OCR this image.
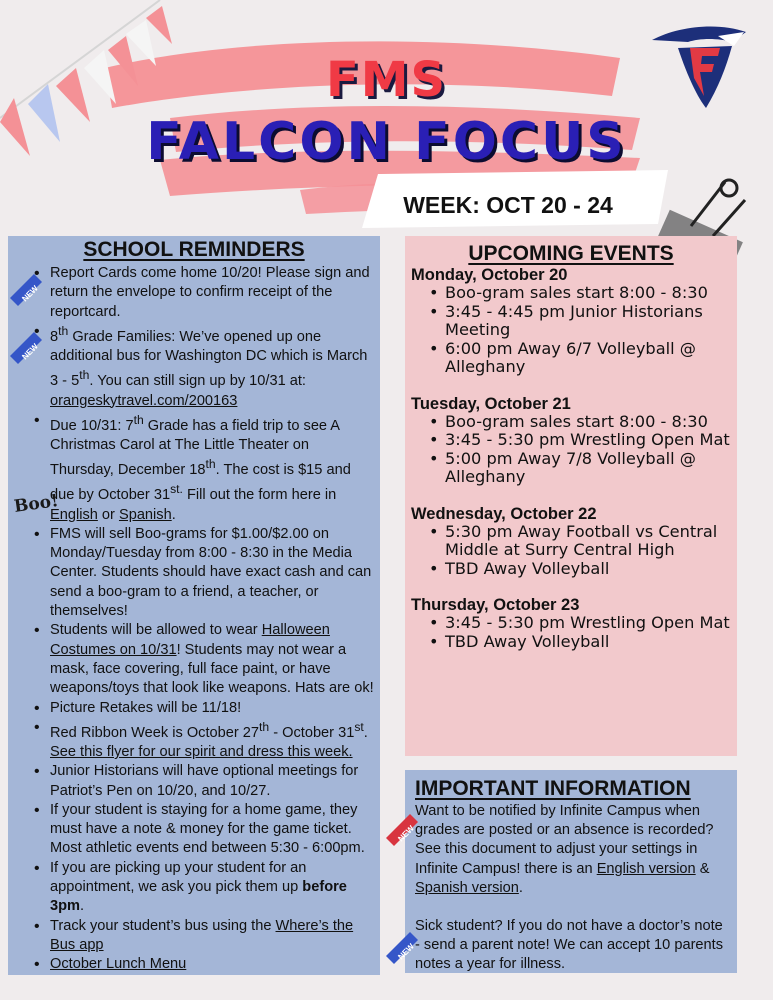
FMS
FALCON FOCUS
WEEK: OCT 20 - 24
SCHOOL REMINDERS
• Report Cards come home 10/20! Please sign and return the envelope to confirm receipt of the reportcard.
• 8th Grade Families: We’ve opened up one additional bus for Washington DC which is March 3 - 5th. You can still sign up by 10/31 at: orangeskytravel.com/200163
• Due 10/31: 7th Grade has a field trip to see A Christmas Carol at The Little Theater on Thursday, December 18th. The cost is $15 and due by October $31^{st.}$ Fill out the form here in English or Spanish.
• FMS will sell Boo-grams for $1.00/$2.00 on Monday/Tuesday from 8:00 - 8:30 in the Media Center. Students should have exact cash and can send a boo-gram to a friend, a teacher, or themselves!
• Students will be allowed to wear Halloween Costumes on 10/31! Students may not wear a mask, face covering, full face paint, or have weapons/toys that look like weapons. Hats are ok!
• Picture Retakes will be 11/18!
• Red Ribbon Week is October 27th - October 31st. See this flyer for our spirit and dress this week.
• Junior Historians will have optional meetings for Patriot’s Pen on 10/20, and 10/27.
• If your student is staying for a home game, they must have a note & money for the game ticket. Most athletic events end between 5:30 - 6:00pm.
• If you are picking up your student for an appointment, we ask you pick them up before 3pm.
• Track your student’s bus using the Where’s the Bus app
• October Lunch Menu
NEW
NEW
Boo!
UPCOMING EVENTS
Monday, October 20
• Boo-gram sales start 8:00 - 8:30
• 3:45 - 4:45 pm Junior Historians Meeting
• 6:00 pm Away 6/7 Volleyball @ Alleghany
Tuesday, October 21
• Boo-gram sales start 8:00 - 8:30
• 3:45 - 5:30 pm Wrestling Open Mat
• 5:00 pm Away 7/8 Volleyball @ Alleghany
Wednesday, October 22
• 5:30 pm Away Football vs Central Middle at Surry Central High
• TBD Away Volleyball
Thursday, October 23
• 3:45 - 5:30 pm Wrestling Open Mat
• TBD Away Volleyball
IMPORTANT INFORMATION

Want to be notified by Infinite Campus when grades are posted or an absence is recorded? See this document to adjust your settings in Infinite Campus! there is an English version & Spanish version.

Sick student? If you do not have a doctor’s note - send a parent note! We can accept 10 parents notes a year for illness.

NEW
NEW
